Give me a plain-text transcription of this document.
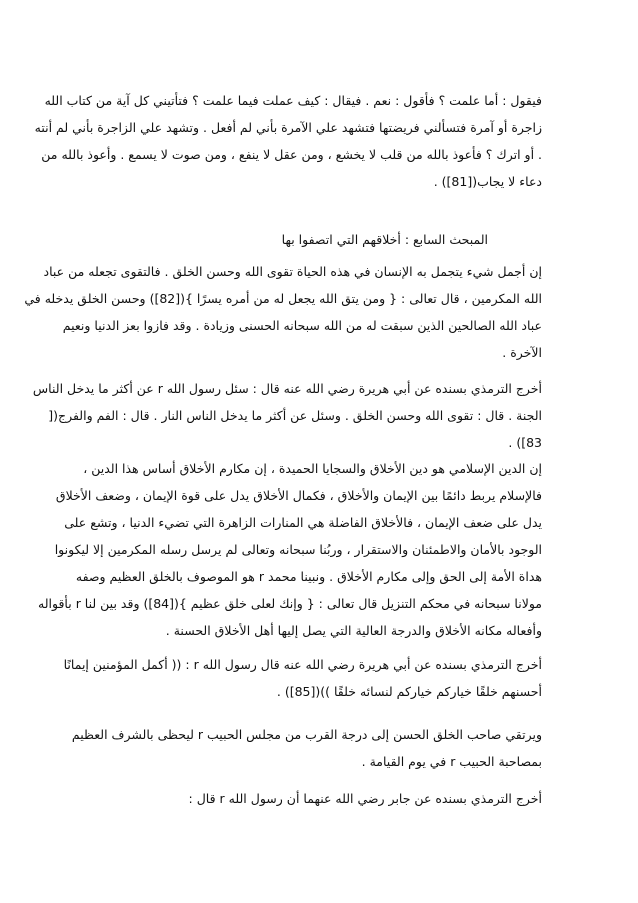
فيقول : أما علمت ؟ فأقول : نعم . فيقال : كيف عملت فيما علمت ؟ فتأتيني كل آية من كتاب الله
زاجرة أو آمرة فتسألني فريضتها فتشهد علي الآمرة بأني لم أفعل . وتشهد علي الزاجرة بأني لم أنته
. أو اترك ؟ فأعوذ بالله من قلب لا يخشع ، ومن عقل لا ينفع ، ومن صوت لا يسمع . وأعوذ بالله من
دعاء لا يجاب([81]) .
المبحث السابع : أخلاقهم التي اتصفوا بها
إن أجمل شيء يتجمل به الإنسان في هذه الحياة تقوى الله وحسن الخلق . فالتقوى تجعله من عباد
الله المكرمين ، قال تعالى : { ومن يتق الله يجعل له من أمره يسرًا }([82]) وحسن الخلق يدخله في
عباد الله الصالحين الذين سبقت له من الله سبحانه الحسنى وزيادة . وقد فازوا بعز الدنيا ونعيم
الآخرة .
أخرج الترمذي بسنده عن أبي هريرة رضي الله عنه قال : سئل رسول الله r عن أكثر ما يدخل الناس
الجنة . قال : تقوى الله وحسن الخلق . وسئل عن أكثر ما يدخل الناس النار . قال : الفم والفرج([
83]) .
إن الدين الإسلامي هو دين الأخلاق والسجايا الحميدة ، إن مكارم الأخلاق أساس هذا الدين ،
فالإسلام يربط دائمًا بين الإيمان والأخلاق ، فكمال الأخلاق يدل على قوة الإيمان ، وضعف الأخلاق
يدل على ضعف الإيمان ، فالأخلاق الفاضلة هي المنارات الزاهرة التي تضيء الدنيا ، وتشع على
الوجود بالأمان والاطمئنان والاستقرار ، وربُنا سبحانه وتعالى لم يرسل رسله المكرمين إلا ليكونوا
هداة الأمة إلى الحق وإلى مكارم الأخلاق . ونبينا محمد r هو الموصوف بالخلق العظيم وصفه
مولانا سبحانه في محكم التنزيل قال تعالى : { وإنك لعلى خلق عظيم }([84]) وقد بين لنا r بأقواله
وأفعاله مكانه الأخلاق والدرجة العالية التي يصل إليها أهل الأخلاق الحسنة .
أخرج الترمذي بسنده عن أبي هريرة رضي الله عنه قال رسول الله r : (( أكمل المؤمنين إيمانًا
أحسنهم خلقًا خياركم خياركم لنسائه خلقًا ))([85]) .
ويرتقي صاحب الخلق الحسن إلى درجة القرب من مجلس الحبيب r ليحظى بالشرف العظيم
بمصاحبة الحبيب r في يوم القيامة .
أخرج الترمذي بسنده عن جابر رضي الله عنهما أن رسول الله r قال :
